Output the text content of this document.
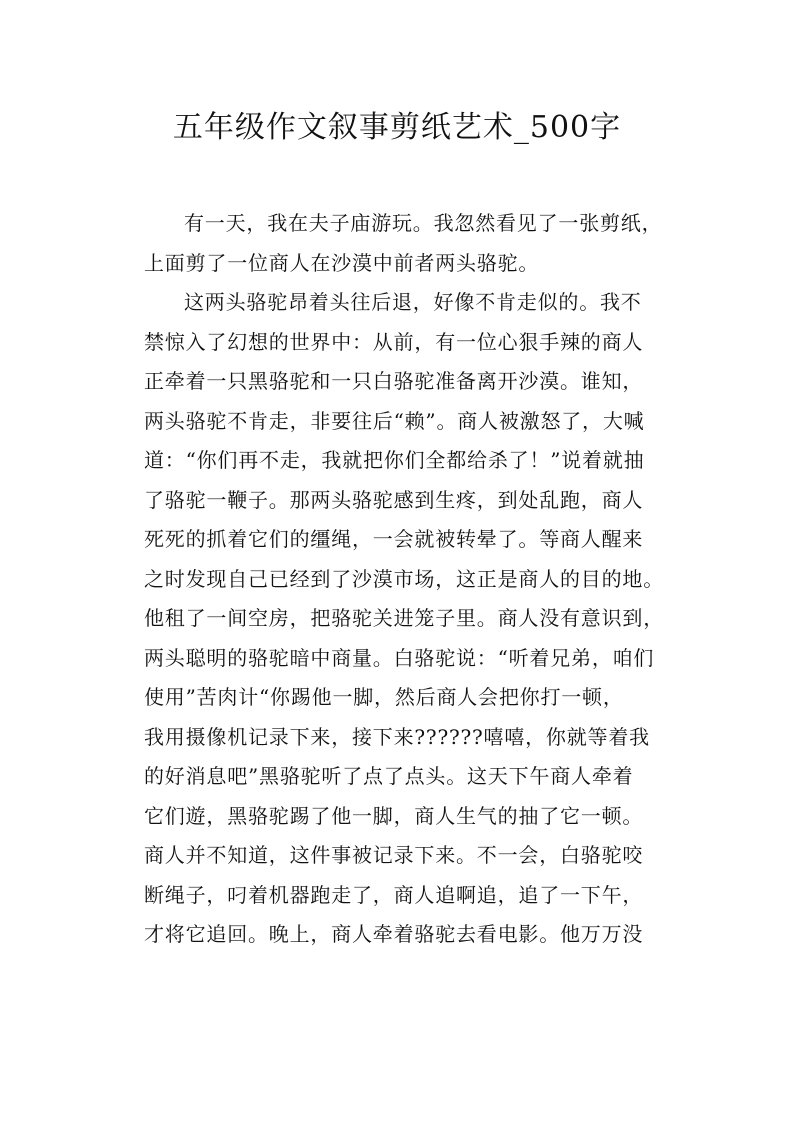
五年级作文叙事剪纸艺术_500字
有一天，我在夫子庙游玩。我忽然看见了一张剪纸，
上面剪了一位商人在沙漠中前者两头骆驼。
这两头骆驼昂着头往后退，好像不肯走似的。我不
禁惊入了幻想的世界中：从前，有一位心狠手辣的商人
正牵着一只黑骆驼和一只白骆驼准备离开沙漠。谁知，
两头骆驼不肯走，非要往后“赖”。商人被激怒了，大喊
道：“你们再不走，我就把你们全都给杀了！”说着就抽
了骆驼一鞭子。那两头骆驼感到生疼，到处乱跑，商人
死死的抓着它们的缰绳，一会就被转晕了。等商人醒来
之时发现自己已经到了沙漠市场，这正是商人的目的地。
他租了一间空房，把骆驼关进笼子里。商人没有意识到，
两头聪明的骆驼暗中商量。白骆驼说：“听着兄弟，咱们
使用”苦肉计“你踢他一脚，然后商人会把你打一顿，
我用摄像机记录下来，接下来??????嘻嘻，你就等着我
的好消息吧”黑骆驼听了点了点头。这天下午商人牵着
它们遊，黑骆驼踢了他一脚，商人生气的抽了它一顿。
商人并不知道，这件事被记录下来。不一会，白骆驼咬
断绳子，叼着机器跑走了，商人追啊追，追了一下午，
才将它追回。晚上，商人牵着骆驼去看电影。他万万没
